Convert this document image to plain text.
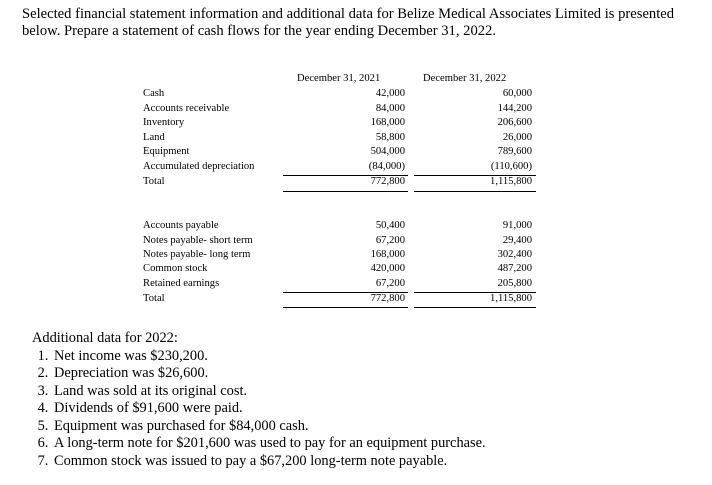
Selected financial statement information and additional data for Belize Medical Associates Limited is presented below. Prepare a statement of cash flows for the year ending December 31, 2022.
December 31, 2021	December 31, 2022
Cash	42,000	60,000
Accounts receivable	84,000	144,200
Inventory	168,000	206,600
Land	58,800	26,000
Equipment	504,000	789,600
Accumulated depreciation	(84,000)	(110,600)
Total	772,800	1,115,800
Accounts payable	50,400	91,000
Notes payable- short term	67,200	29,400
Notes payable- long term	168,000	302,400
Common stock	420,000	487,200
Retained earnings	67,200	205,800
Total	772,800	1,115,800
Additional data for 2022:
1. Net income was $230,200.
2. Depreciation was $26,600.
3. Land was sold at its original cost.
4. Dividends of $91,600 were paid.
5. Equipment was purchased for $84,000 cash.
6. A long-term note for $201,600 was used to pay for an equipment purchase.
7. Common stock was issued to pay a $67,200 long-term note payable.
